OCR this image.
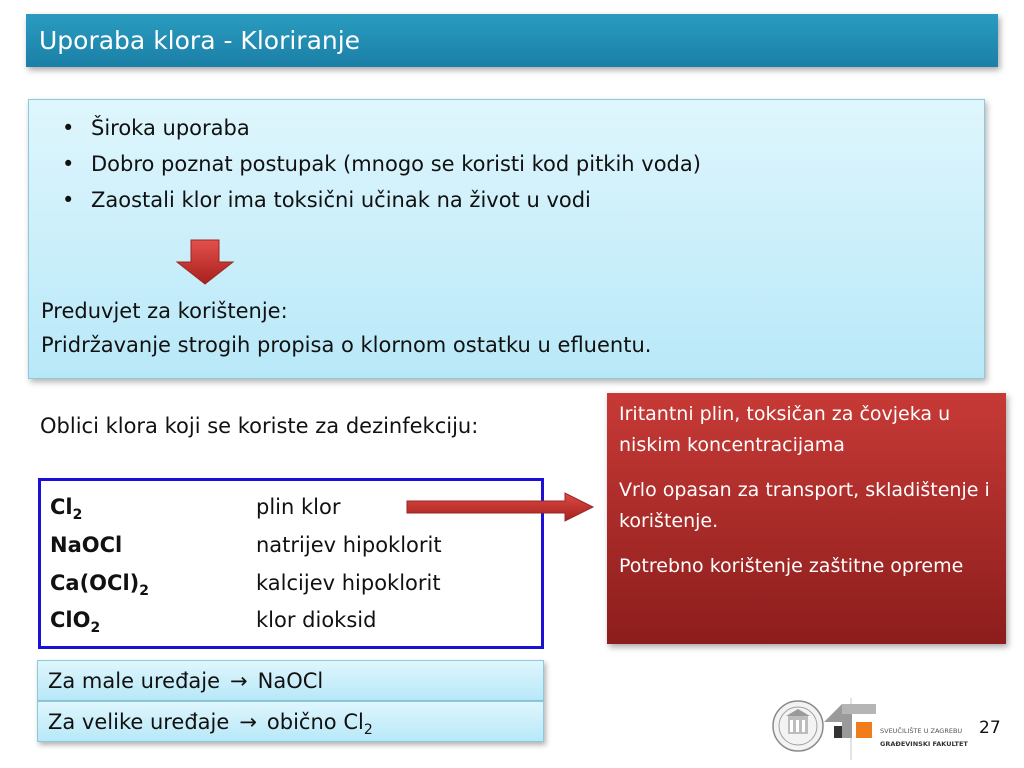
Uporaba klora - Kloriranje
• Široka uporaba
• Dobro poznat postupak (mnogo se koristi kod pitkih voda)
• Zaostali klor ima toksični učinak na život u vodi
Preduvjet za korištenje:
Pridržavanje strogih propisa o klornom ostatku u efluentu.
Oblici klora koji se koriste za dezinfekciju:
$Cl_2$	plin klor
NaOCl	natrijev hipoklorit
$Ca(OCl)_2$	kalcijev hipoklorit
ClO$_2$	klor dioksid

Iritantni plin, toksičan za čovjeka u niskim koncentracijama

Vrlo opasan za transport, skladištenje i korištenje.

Potrebno korištenje zaštitne opreme

Za male uređaje → NaOCl
Za velike uređaje → obično $Cl_2$	SVEUČILIŠTE U ZAGREBU
GRAĐEVINSKI FAKULTET
27
